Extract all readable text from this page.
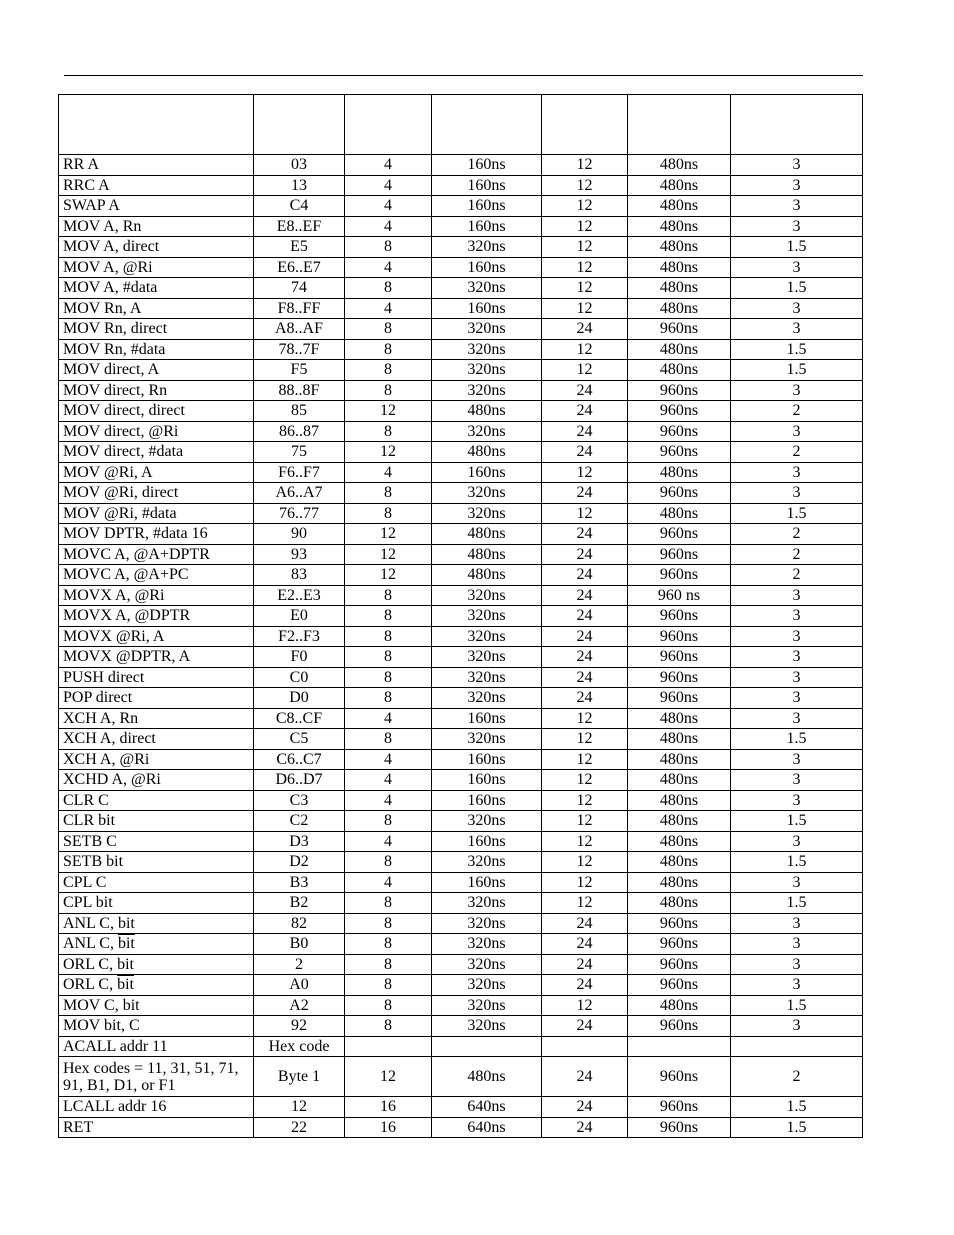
RR A	03	4	160ns	12	480ns	3
RRC A	13	4	160ns	12	480ns	3
SWAP A	C4	4	160ns	12	480ns	3
MOV A, Rn	E8..EF	4	160ns	12	480ns	3
MOV A, direct	E5	8	320ns	12	480ns	1.5
MOV A, @Ri	E6..E7	4	160ns	12	480ns	3
MOV A, #data	74	8	320ns	12	480ns	1.5
MOV Rn, A	F8..FF	4	160ns	12	480ns	3
MOV Rn, direct	A8..AF	8	320ns	24	960ns	3
MOV Rn, #data	78..7F	8	320ns	12	480ns	1.5
MOV direct, A	F5	8	320ns	12	480ns	1.5
MOV direct, Rn	88..8F	8	320ns	24	960ns	3
MOV direct, direct	85	12	480ns	24	960ns	2
MOV direct, @Ri	86..87	8	320ns	24	960ns	3
MOV direct, #data	75	12	480ns	24	960ns	2
MOV @Ri, A	F6..F7	4	160ns	12	480ns	3
MOV @Ri, direct	A6..A7	8	320ns	24	960ns	3
MOV @Ri, #data	76..77	8	320ns	12	480ns	1.5
MOV DPTR, #data 16	90	12	480ns	24	960ns	2
MOVC A, @A+DPTR	93	12	480ns	24	960ns	2
MOVC A, @A+PC	83	12	480ns	24	960ns	2
MOVX A, @Ri	E2..E3	8	320ns	24	960 ns	3
MOVX A, @DPTR	E0	8	320ns	24	960ns	3
MOVX @Ri, A	F2..F3	8	320ns	24	960ns	3
MOVX @DPTR, A	F0	8	320ns	24	960ns	3
PUSH direct	C0	8	320ns	24	960ns	3
POP direct	D0	8	320ns	24	960ns	3
XCH A, Rn	C8..CF	4	160ns	12	480ns	3
XCH A, direct	C5	8	320ns	12	480ns	1.5
XCH A, @Ri	C6..C7	4	160ns	12	480ns	3
XCHD A, @Ri	D6..D7	4	160ns	12	480ns	3
CLR C	C3	4	160ns	12	480ns	3
CLR bit	C2	8	320ns	12	480ns	1.5
SETB C	D3	4	160ns	12	480ns	3
SETB bit	D2	8	320ns	12	480ns	1.5
CPL C	B3	4	160ns	12	480ns	3
CPL bit	B2	8	320ns	12	480ns	1.5
ANL C, bit	82	8	320ns	24	960ns	3
ANL C, $\overline{bit}$	B0	8	320ns	24	960ns	3
ORL C, bit	2	8	320ns	24	960ns	3
ORL C, $\overline{bit}$	A0	8	320ns	24	960ns	3
MOV C, bit	A2	8	320ns	12	480ns	1.5
MOV bit, C	92	8	320ns	24	960ns	3
ACALL addr 11	Hex code					
Hex codes = 11, 31, 51, 71, 91, B1, D1, or F1	Byte 1	12	480ns	24	960ns	2
LCALL addr 16	12	16	640ns	24	960ns	1.5
RET	22	16	640ns	24	960ns	1.5
